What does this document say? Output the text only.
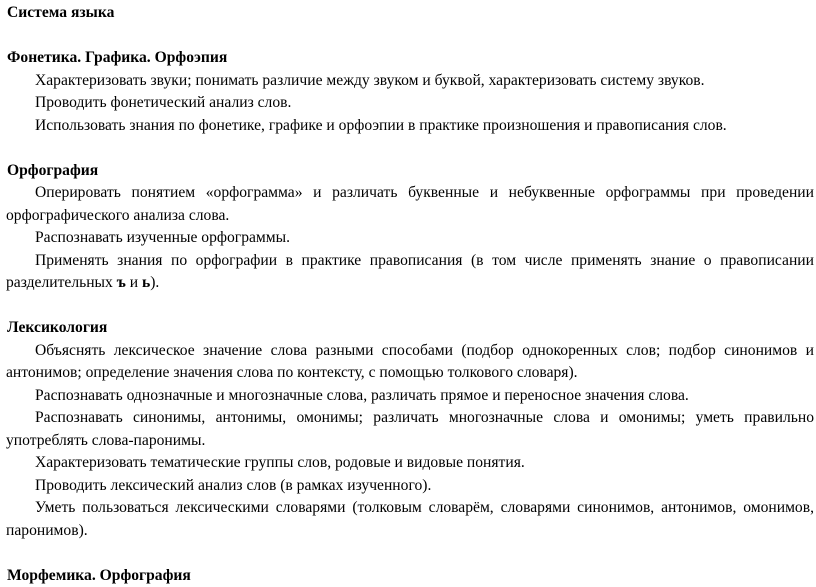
Система языка

Фонетика. Графика. Орфоэпия

Характеризовать звуки; понимать различие между звуком и буквой, характеризовать систему звуков.

Проводить фонетический анализ слов.

Использовать знания по фонетике, графике и орфоэпии в практике произношения и правописания слов.

Орфография

Оперировать понятием «орфограмма» и различать буквенные и небуквенные орфограммы при проведении орфографического анализа слова.

Распознавать изученные орфограммы.

Применять знания по орфографии в практике правописания (в том числе применять знание о правописании разделительных ъ и ь).

Лексикология

Объяснять лексическое значение слова разными способами (подбор однокоренных слов; подбор синонимов и антонимов; определение значения слова по контексту, с помощью толкового словаря).

Распознавать однозначные и многозначные слова, различать прямое и переносное значения слова.

Распознавать синонимы, антонимы, омонимы; различать многозначные слова и омонимы; уметь правильно употреблять слова-паронимы.

Характеризовать тематические группы слов, родовые и видовые понятия.

Проводить лексический анализ слов (в рамках изученного).

Уметь пользоваться лексическими словарями (толковым словарём, словарями синонимов, антонимов, омонимов, паронимов).

Морфемика. Орфография
